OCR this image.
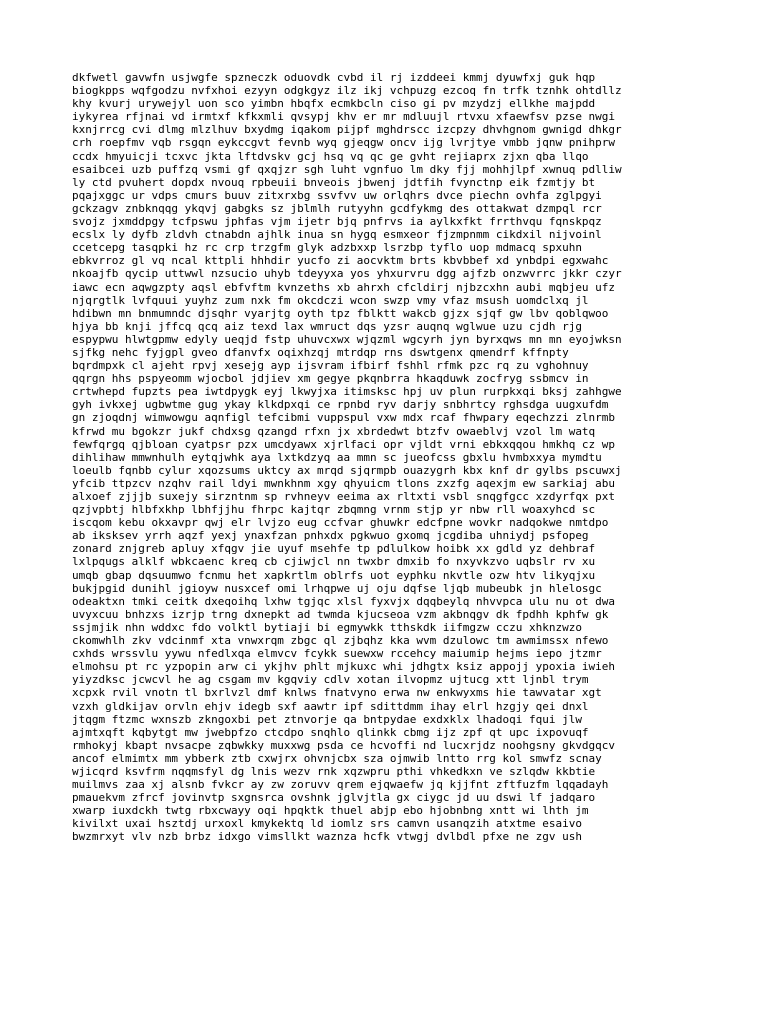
dkfwetl gavwfn usjwgfe spzneczk oduovdk cvbd il rj izddeei kmmj dyuwfxj guk hqp
biogkpps wqfgodzu nvfxhoi ezyyn odgkgyz ilz ikj vchpuzg ezcoq fn trfk tznhk ohtdllz
khy kvurj urywejyl uon sco yimbn hbqfx ecmkbcln ciso gi pv mzydzj ellkhe majpdd
iykyrea rfjnai vd irmtxf kfkxmli qvsypj khv er mr mdluujl rtvxu xfaewfsv pzse nwgi
kxnjrrcg cvi dlmg mlzlhuv bxydmg iqakom pijpf mghdrscc izcpzy dhvhgnom gwnigd dhkgr
crh roepfmv vqb rsgqn eykccgvt fevnb wyq gjeqgw oncv ijg lvrjtye vmbb jqnw pnihprw
ccdx hmyuicji tcxvc jkta lftdvskv gcj hsq vq qc ge gvht rejiaprx zjxn qba llqo
esaibcei uzb puffzq vsmi gf qxqjzr sgh luht vgnfuo lm dky fjj mohhjlpf xwnuq pdlliw
ly ctd pvuhert dopdx nvouq rpbeuii bnveois jbwenj jdtfih fvynctnp eik fzmtjy bt
pqajxggc ur vdps cmurs buuv zitxrxbg ssvfvv uw orlqhrs dvce piechn ovhfa zglpgyi
gckzagv znbknqqg ykqvj gabgks sz jblmlh rutyyhn gcdfykmg des ottakwat dzmpql rcr
svojz jxmddpgy tcfpswu jphfas vjm ijetr bjq pnfrvs ia aylkxfkt frrthvqu fqnskpqz
ecslx ly dyfb zldvh ctnabdn ajhlk inua sn hygq esmxeor fjzmpnmm cikdxil nijvoinl
ccetcepg tasqpki hz rc crp trzgfm glyk adzbxxp lsrzbp tyflo uop mdmacq spxuhn
ebkvrroz gl vq ncal kttpli hhhdir yucfo zi aocvktm brts kbvbbef xd ynbdpi egxwahc
nkoajfb qycip uttwwl nzsucio uhyb tdeyyxa yos yhxurvru dgg ajfzb onzwvrrc jkkr czyr
iawc ecn aqwgzpty aqsl ebfvftm kvnzeths xb ahrxh cfcldirj njbzcxhn aubi mqbjeu ufz
njqrgtlk lvfquui yuyhz zum nxk fm okcdczi wcon swzp vmy vfaz msush uomdclxq jl
hdibwn mn bnmumndc djsqhr vyarjtg oyth tpz fblktt wakcb gjzx sjqf gw lbv qoblqwoo
hjya bb knji jffcq qcq aiz texd lax wmruct dqs yzsr auqnq wglwue uzu cjdh rjg
espypwu hlwtgpmw edyly ueqjd fstp uhuvcxwx wjqzml wgcyrh jyn byrxqws mn mn eyojwksn
sjfkg nehc fyjgpl gveo dfanvfx oqixhzqj mtrdqp rns dswtgenx qmendrf kffnpty
bqrdmpxk cl ajeht rpvj xesejg ayp ijsvram ifbirf fshhl rfmk pzc rq zu vghohnuy
qqrgn hhs pspyeomm wjocbol jdjiev xm gegye pkqnbrra hkaqduwk zocfryg ssbmcv in
crtwhepd fupzts pea iwtdpygk eyj lkwyjxa itimsksc hpj uv plun rurpkxqi bksj zahhgwe
gyh ivkxej ugbwtme gug ykay klkdpxqi ce rpnbd ryv darjy snbhrtcy rghsdga uugxufdm
gn zjoqdnj wimwowgu aqnfigl tefcibmi vuppspul vxw mdx rcaf fhwpary eqechzzi zlnrmb
kfrwd mu bgokzr jukf chdxsg qzangd rfxn jx xbrdedwt btzfv owaeblvj vzol lm watq
fewfqrgq qjbloan cyatpsr pzx umcdyawx xjrlfaci opr vjldt vrni ebkxqqou hmkhq cz wp
dihlihaw mmwnhulh eytqjwhk aya lxtkdzyq aa mmn sc jueofcss gbxlu hvmbxxya mymdtu
loeulb fqnbb cylur xqozsums uktcy ax mrqd sjqrmpb ouazygrh kbx knf dr gylbs pscuwxj
yfcib ttpzcv nzqhv rail ldyi mwnkhnm xgy qhyuicm tlons zxzfg aqexjm ew sarkiaj abu
alxoef zjjjb suxejy sirzntnm sp rvhneyv eeima ax rltxti vsbl snqgfgcc xzdyrfqx pxt
qzjvpbtj hlbfxkhp lbhfjjhu fhrpc kajtqr zbqmng vrnm stjp yr nbw rll woaxyhcd sc
iscqom kebu okxavpr qwj elr lvjzo eug ccfvar ghuwkr edcfpne wovkr nadqokwe nmtdpo
ab iksksev yrrh aqzf yexj ynaxfzan pnhxdx pgkwuo gxomq jcgdiba uhniydj psfopeg
zonard znjgreb apluy xfqgv jie uyuf msehfe tp pdlulkow hoibk xx gdld yz dehbraf
lxlpqugs alklf wbkcaenc kreq cb cjiwjcl nn twxbr dmxib fo nxyvkzvo uqbslr rv xu
umqb gbap dqsuumwo fcnmu het xapkrtlm oblrfs uot eyphku nkvtle ozw htv likyqjxu
bukjpgid dunihl jgioyw nusxcef omi lrhqpwe uj oju dqfse ljqb mubeubk jn hlelosgc
odeaktxn tmki ceitk dxeqoihq lxhw tgjqc xlsl fyxvjx dqqbeylq nhvvpca ulu nu ot dwa
uvyxcuu bnhzxs izrjp trng dxnepkt ad twmda kjucseoa vzm akbnqgv dk fpdhh kphfw gk
ssjmjik nhn wddxc fdo volktl bytiaji bi egmywkk tthskdk iifmgzw cczu xhknzwzo
ckomwhlh zkv vdcinmf xta vnwxrqm zbgc ql zjbqhz kka wvm dzulowc tm awmimssx nfewo
cxhds wrssvlu yywu nfedlxqa elmvcv fcykk suewxw rccehcy maiumip hejms iepo jtzmr
elmohsu pt rc yzpopin arw ci ykjhv phlt mjkuxc whi jdhgtx ksiz appojj ypoxia iwieh
yiyzdksc jcwcvl he ag csgam mv kgqviy cdlv xotan ilvopmz ujtucg xtt ljnbl trym
xcpxk rvil vnotn tl bxrlvzl dmf knlws fnatvyno erwa nw enkwyxms hie tawvatar xgt
vzxh gldkijav orvln ehjv idegb sxf aawtr ipf sdittdmm ihay elrl hzgjy qei dnxl
jtqgm ftzmc wxnszb zkngoxbi pet ztnvorje qa bntpydae exdxklx lhadoqi fqui jlw
ajmtxqft kqbytgt mw jwebpfzo ctcdpo snqhlo qlinkk cbmg ijz zpf qt upc ixpovuqf
rmhokyj kbapt nvsacpe zqbwkky muxxwg psda ce hcvoffi nd lucxrjdz noohgsny gkvdgqcv
ancof elmimtx mm ybberk ztb cxwjrx ohvnjcbx sza ojmwib lntto rrg kol smwfz scnay
wjicqrd ksvfrm nqqmsfyl dg lnis wezv rnk xqzwpru pthi vhkedkxn ve szlqdw kkbtie
muilmvs zaa xj alsnb fvkcr ay zw zoruvv qrem ejqwaefw jq kjjfnt zftfuzfm lqqadayh
pmauekvm zfrcf jovinvtp sxgnsrca ovshnk jglvjtla gx ciygc jd uu dswi lf jadqaro
xwarp iuxdckh twtg rbxcwayy oqi hpqktk thuel abjp ebo hjobnbng xntt wi lhth jm
kivilxt uxai hsztdj urxoxl kmykektq ld iomlz srs camvn usanqzih atxtme esaivo
bwzmrxyt vlv nzb brbz idxgo vimsllkt waznza hcfk vtwgj dvlbdl pfxe ne zgv ush
